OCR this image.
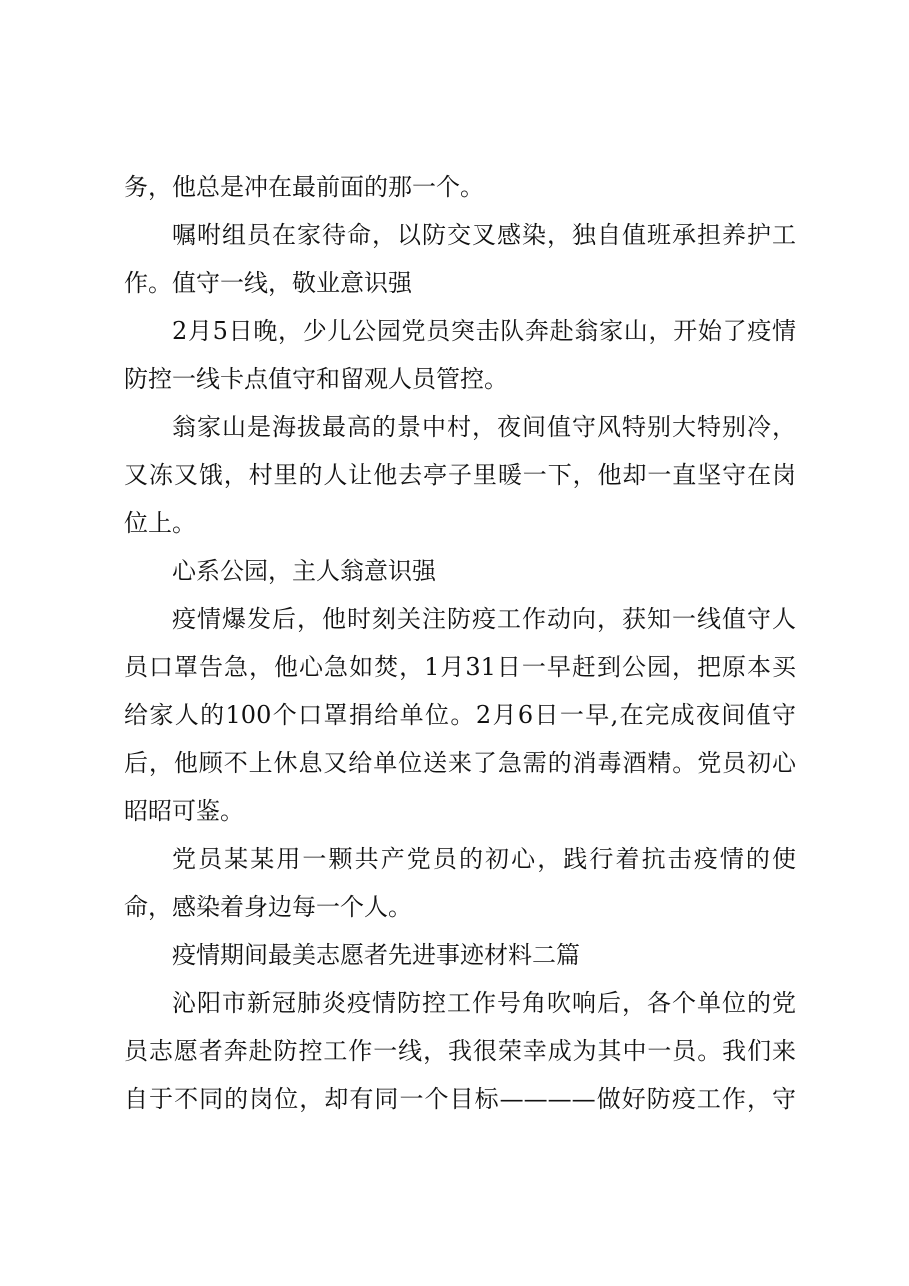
务，他总是冲在最前面的那一个。
嘱咐组员在家待命，以防交叉感染，独自值班承担养护工
作。值守一线，敬业意识强
2月5日晚，少儿公园党员突击队奔赴翁家山，开始了疫情
防控一线卡点值守和留观人员管控。
翁家山是海拔最高的景中村，夜间值守风特别大特别冷，
又冻又饿，村里的人让他去亭子里暖一下，他却一直坚守在岗
位上。
心系公园，主人翁意识强
疫情爆发后，他时刻关注防疫工作动向，获知一线值守人
员口罩告急，他心急如焚，1月31日一早赶到公园，把原本买
给家人的100个口罩捐给单位。2月6日一早,在完成夜间值守
后，他顾不上休息又给单位送来了急需的消毒酒精。党员初心
昭昭可鉴。
党员某某用一颗共产党员的初心，践行着抗击疫情的使
命，感染着身边每一个人。
疫情期间最美志愿者先进事迹材料二篇
沁阳市新冠肺炎疫情防控工作号角吹响后，各个单位的党
员志愿者奔赴防控工作一线，我很荣幸成为其中一员。我们来
自于不同的岗位，却有同一个目标————做好防疫工作，守
